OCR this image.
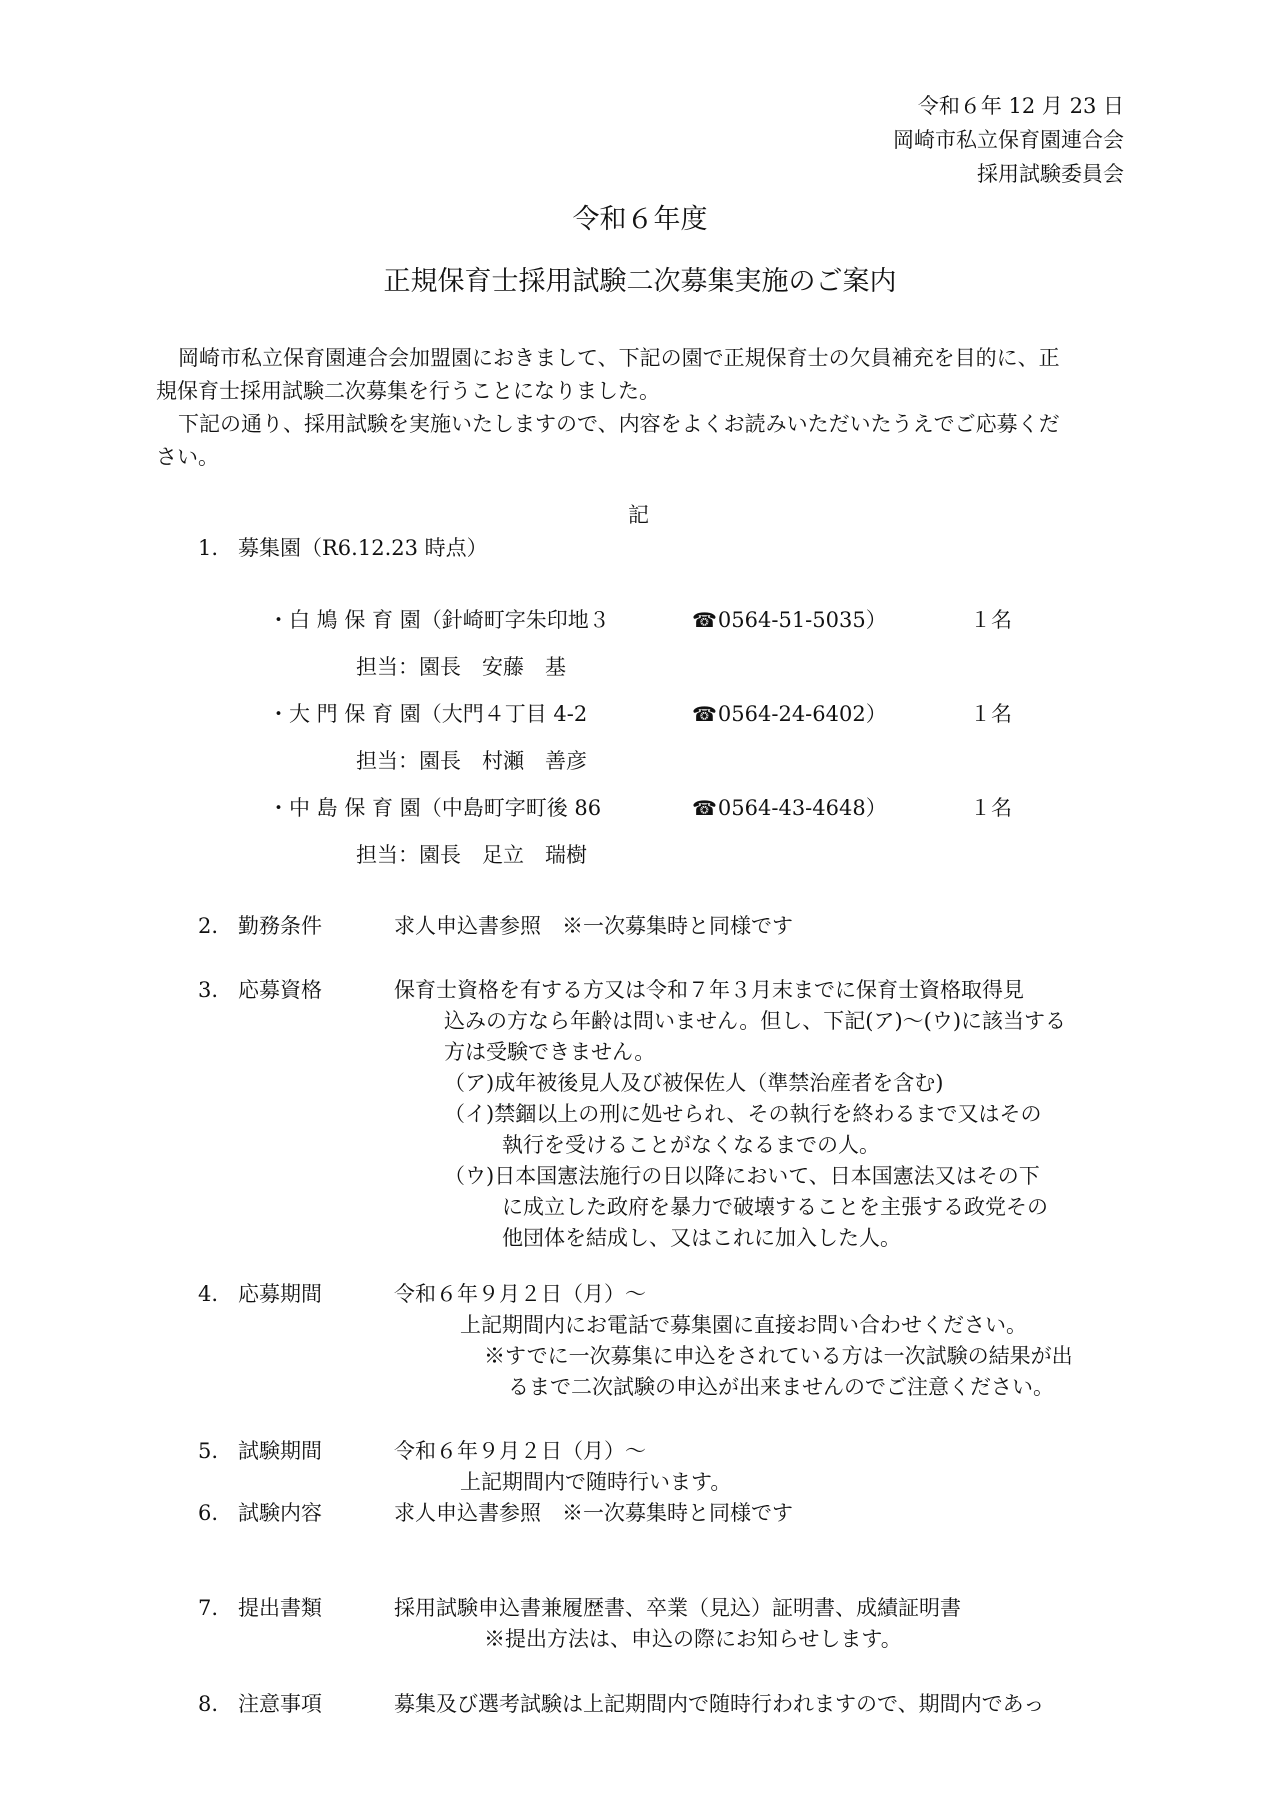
令和６年 12 月 23 日
岡崎市私立保育園連合会
採用試験委員会
令和６年度
正規保育士採用試験二次募集実施のご案内
岡崎市私立保育園連合会加盟園におきまして、下記の園で正規保育士の欠員補充を目的に、正
規保育士採用試験二次募集を行うことになりました。
下記の通り、採用試験を実施いたしますので、内容をよくお読みいただいたうえでご応募くだ
さい。
記
1. 募集園（R6.12.23 時点）
・白 鳩 保 育 園（針崎町字朱印地３	☎0564-51-5035）	１名
担当：園長　安藤　基
・大 門 保 育 園（大門４丁目 4-2	☎0564-24-6402）	１名
担当：園長　村瀬　善彦
・中 島 保 育 園（中島町字町後 86	☎0564-43-4648）	１名
担当：園長　足立　瑞樹
2. 勤務条件	求人申込書参照　※一次募集時と同様です
3. 応募資格	保育士資格を有する方又は令和７年３月末までに保育士資格取得見
込みの方なら年齢は問いません。但し、下記(ア)～(ウ)に該当する
方は受験できません。
（ア)成年被後見人及び被保佐人（準禁治産者を含む)
（イ)禁錮以上の刑に処せられ、その執行を終わるまで又はその
執行を受けることがなくなるまでの人。
（ウ)日本国憲法施行の日以降において、日本国憲法又はその下
に成立した政府を暴力で破壊することを主張する政党その
他団体を結成し、又はこれに加入した人。
4. 応募期間	令和６年９月２日（月）～
上記期間内にお電話で募集園に直接お問い合わせください。
※すでに一次募集に申込をされている方は一次試験の結果が出
るまで二次試験の申込が出来ませんのでご注意ください。
5. 試験期間	令和６年９月２日（月）～
上記期間内で随時行います。
6. 試験内容	求人申込書参照　※一次募集時と同様です
7. 提出書類	採用試験申込書兼履歴書、卒業（見込）証明書、成績証明書
※提出方法は、申込の際にお知らせします。
8. 注意事項	募集及び選考試験は上記期間内で随時行われますので、期間内であっ
